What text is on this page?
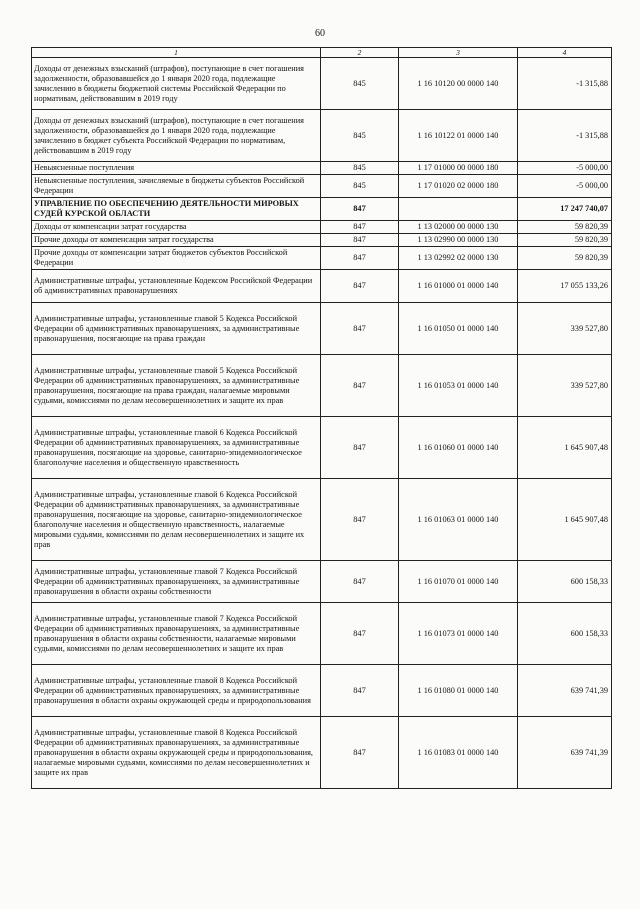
60
1	2	3	4
Доходы от денежных взысканий (штрафов), поступающие в счет погашения задолженности, образовавшейся до 1 января 2020 года, подлежащие зачислению в бюджеты бюджетной системы Российской Федерации по нормативам, действовавшим в 2019 году	845	1 16 10120 00 0000 140	-1 315,88
Доходы от денежных взысканий (штрафов), поступающие в счет погашения задолженности, образовавшейся до 1 января 2020 года, подлежащие зачислению в бюджет субъекта Российской Федерации по нормативам, действовавшим в 2019 году	845	1 16 10122 01 0000 140	-1 315,88
Невыясненные поступления	845	1 17 01000 00 0000 180	-5 000,00
Невыясненные поступления, зачисляемые в бюджеты субъектов Российской Федерации	845	1 17 01020 02 0000 180	-5 000,00
УПРАВЛЕНИЕ ПО ОБЕСПЕЧЕНИЮ ДЕЯТЕЛЬНОСТИ МИРОВЫХ СУДЕЙ КУРСКОЙ ОБЛАСТИ	847		17 247 740,07
Доходы от компенсации затрат государства	847	1 13 02000 00 0000 130	59 820,39
Прочие доходы от компенсации затрат государства	847	1 13 02990 00 0000 130	59 820,39
Прочие доходы от компенсации затрат бюджетов субъектов Российской Федерации	847	1 13 02992 02 0000 130	59 820,39
Административные штрафы, установленные Кодексом Российской Федерации об административных правонарушениях	847	1 16 01000 01 0000 140	17 055 133,26
Административные штрафы, установленные главой 5 Кодекса Российской Федерации об административных правонарушениях, за административные правонарушения, посягающие на права граждан	847	1 16 01050 01 0000 140	339 527,80
Административные штрафы, установленные главой 5 Кодекса Российской Федерации об административных правонарушениях, за административные правонарушения, посягающие на права граждан, налагаемые мировыми судьями, комиссиями по делам несовершеннолетних и защите их прав	847	1 16 01053 01 0000 140	339 527,80
Административные штрафы, установленные главой 6 Кодекса Российской Федерации об административных правонарушениях, за административные правонарушения, посягающие на здоровье, санитарно-эпидемиологическое благополучие населения и общественную нравственность	847	1 16 01060 01 0000 140	1 645 907,48
Административные штрафы, установленные главой 6 Кодекса Российской Федерации об административных правонарушениях, за административные правонарушения, посягающие на здоровье, санитарно-эпидемиологическое благополучие населения и общественную нравственность, налагаемые мировыми судьями, комиссиями по делам несовершеннолетних и защите их прав	847	1 16 01063 01 0000 140	1 645 907,48
Административные штрафы, установленные главой 7 Кодекса Российской Федерации об административных правонарушениях, за административные правонарушения в области охраны собственности	847	1 16 01070 01 0000 140	600 158,33
Административные штрафы, установленные главой 7 Кодекса Российской Федерации об административных правонарушениях, за административные правонарушения в области охраны собственности, налагаемые мировыми судьями, комиссиями по делам несовершеннолетних и защите их прав	847	1 16 01073 01 0000 140	600 158,33
Административные штрафы, установленные главой 8 Кодекса Российской Федерации об административных правонарушениях, за административные правонарушения в области охраны окружающей среды и природопользования	847	1 16 01080 01 0000 140	639 741,39
Административные штрафы, установленные главой 8 Кодекса Российской Федерации об административных правонарушениях, за административные правонарушения в области охраны окружающей среды и природопользования, налагаемые мировыми судьями, комиссиями по делам несовершеннолетних и защите их прав	847	1 16 01083 01 0000 140	639 741,39
